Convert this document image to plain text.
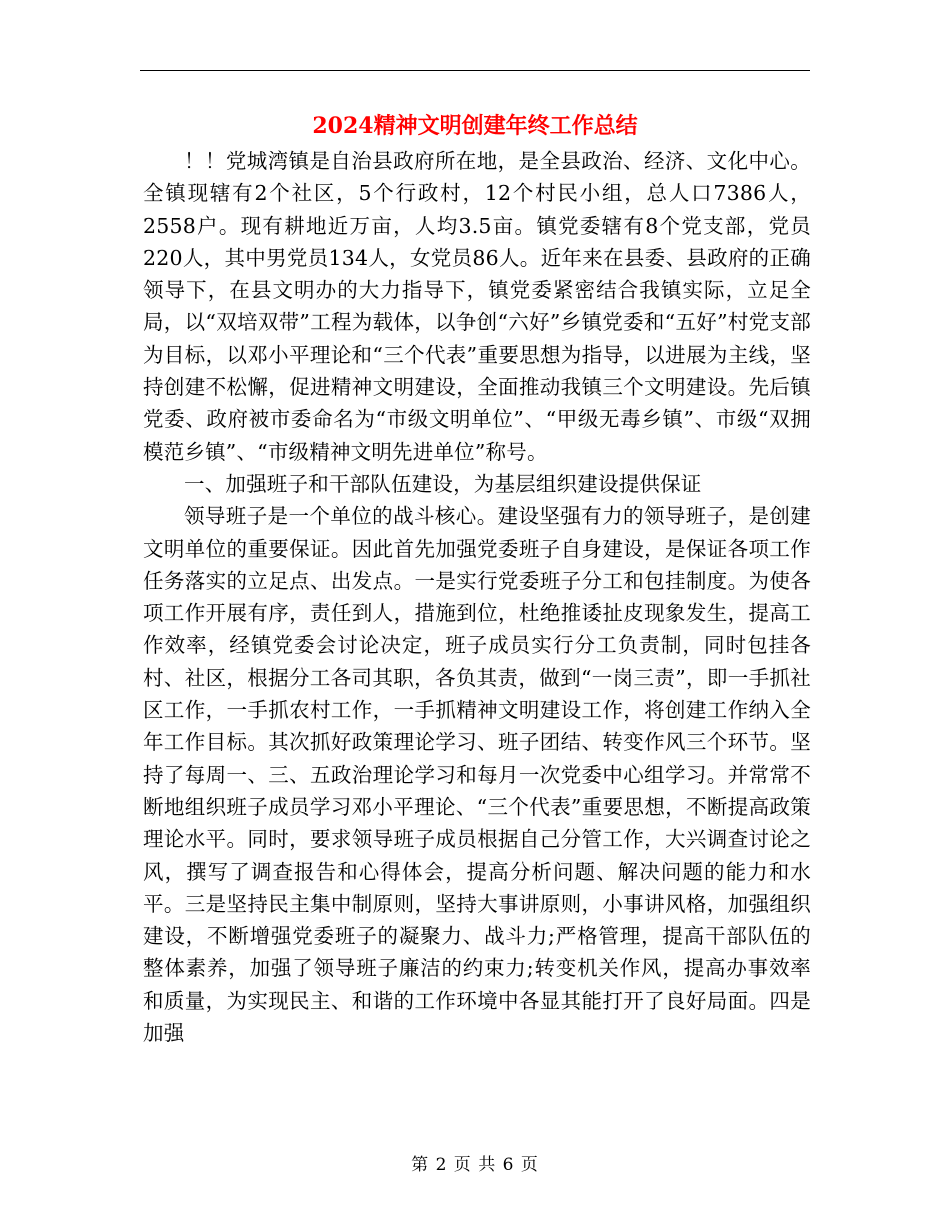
2024精神文明创建年终工作总结

！！党城湾镇是自治县政府所在地，是全县政治、经济、文化中心。全镇现辖有2个社区，5个行政村，12个村民小组，总人口7386人，2558户。现有耕地近万亩，人均3.5亩。镇党委辖有8个党支部，党员220人，其中男党员134人，女党员86人。近年来在县委、县政府的正确领导下，在县文明办的大力指导下，镇党委紧密结合我镇实际，立足全局，以“双培双带”工程为载体，以争创“六好”乡镇党委和“五好”村党支部为目标，以邓小平理论和“三个代表”重要思想为指导，以进展为主线，坚持创建不松懈，促进精神文明建设，全面推动我镇三个文明建设。先后镇党委、政府被市委命名为“市级文明单位”、“甲级无毒乡镇”、市级“双拥模范乡镇”、“市级精神文明先进单位”称号。

一、加强班子和干部队伍建设，为基层组织建设提供保证

领导班子是一个单位的战斗核心。建设坚强有力的领导班子，是创建文明单位的重要保证。因此首先加强党委班子自身建设，是保证各项工作任务落实的立足点、出发点。一是实行党委班子分工和包挂制度。为使各项工作开展有序，责任到人，措施到位，杜绝推诿扯皮现象发生，提高工作效率，经镇党委会讨论决定，班子成员实行分工负责制，同时包挂各村、社区，根据分工各司其职，各负其责，做到“一岗三责”，即一手抓社区工作，一手抓农村工作，一手抓精神文明建设工作，将创建工作纳入全年工作目标。其次抓好政策理论学习、班子团结、转变作风三个环节。坚持了每周一、三、五政治理论学习和每月一次党委中心组学习。并常常不断地组织班子成员学习邓小平理论、“三个代表”重要思想，不断提高政策理论水平。同时，要求领导班子成员根据自己分管工作，大兴调查讨论之风，撰写了调查报告和心得体会，提高分析问题、解决问题的能力和水平。三是坚持民主集中制原则，坚持大事讲原则，小事讲风格，加强组织建设，不断增强党委班子的凝聚力、战斗力;严格管理，提高干部队伍的整体素养，加强了领导班子廉洁的约束力;转变机关作风，提高办事效率和质量，为实现民主、和谐的工作环境中各显其能打开了良好局面。四是加强

第 2 页 共 6 页
